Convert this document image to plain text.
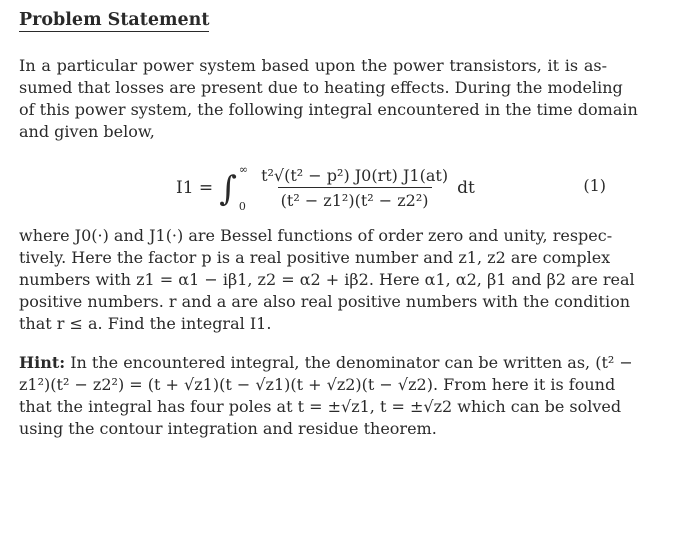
Problem Statement

In a particular power system based upon the power transistors, it is as-
sumed that losses are present due to heating effects. During the modeling
of this power system, the following integral encountered in the time domain
and given below,

I1 = ∫ ∞
$0 \frac{\text{t²√(t² − p²) J0(rt) J1(at)}}{\text{(t² − z1²)(t² − z2²)}}$ dt	(1)

where J0(·) and J1(·) are Bessel functions of order zero and unity, respec-
tively. Here the factor p is a real positive number and z1, z2 are complex
numbers with z1 = α1 − iβ1, z2 = α2 + iβ2. Here α1, α2, β1 and β2 are real
positive numbers. r and a are also real positive numbers with the condition
that r ≤ a. Find the integral I1.

Hint: In the encountered integral, the denominator can be written as, (t² −
z1²)(t² − z2²) = (t + √z1)(t − √z1)(t + √z2)(t − √z2). From here it is found
that the integral has four poles at t = ±√z1, t = ±√z2 which can be solved
using the contour integration and residue theorem.
